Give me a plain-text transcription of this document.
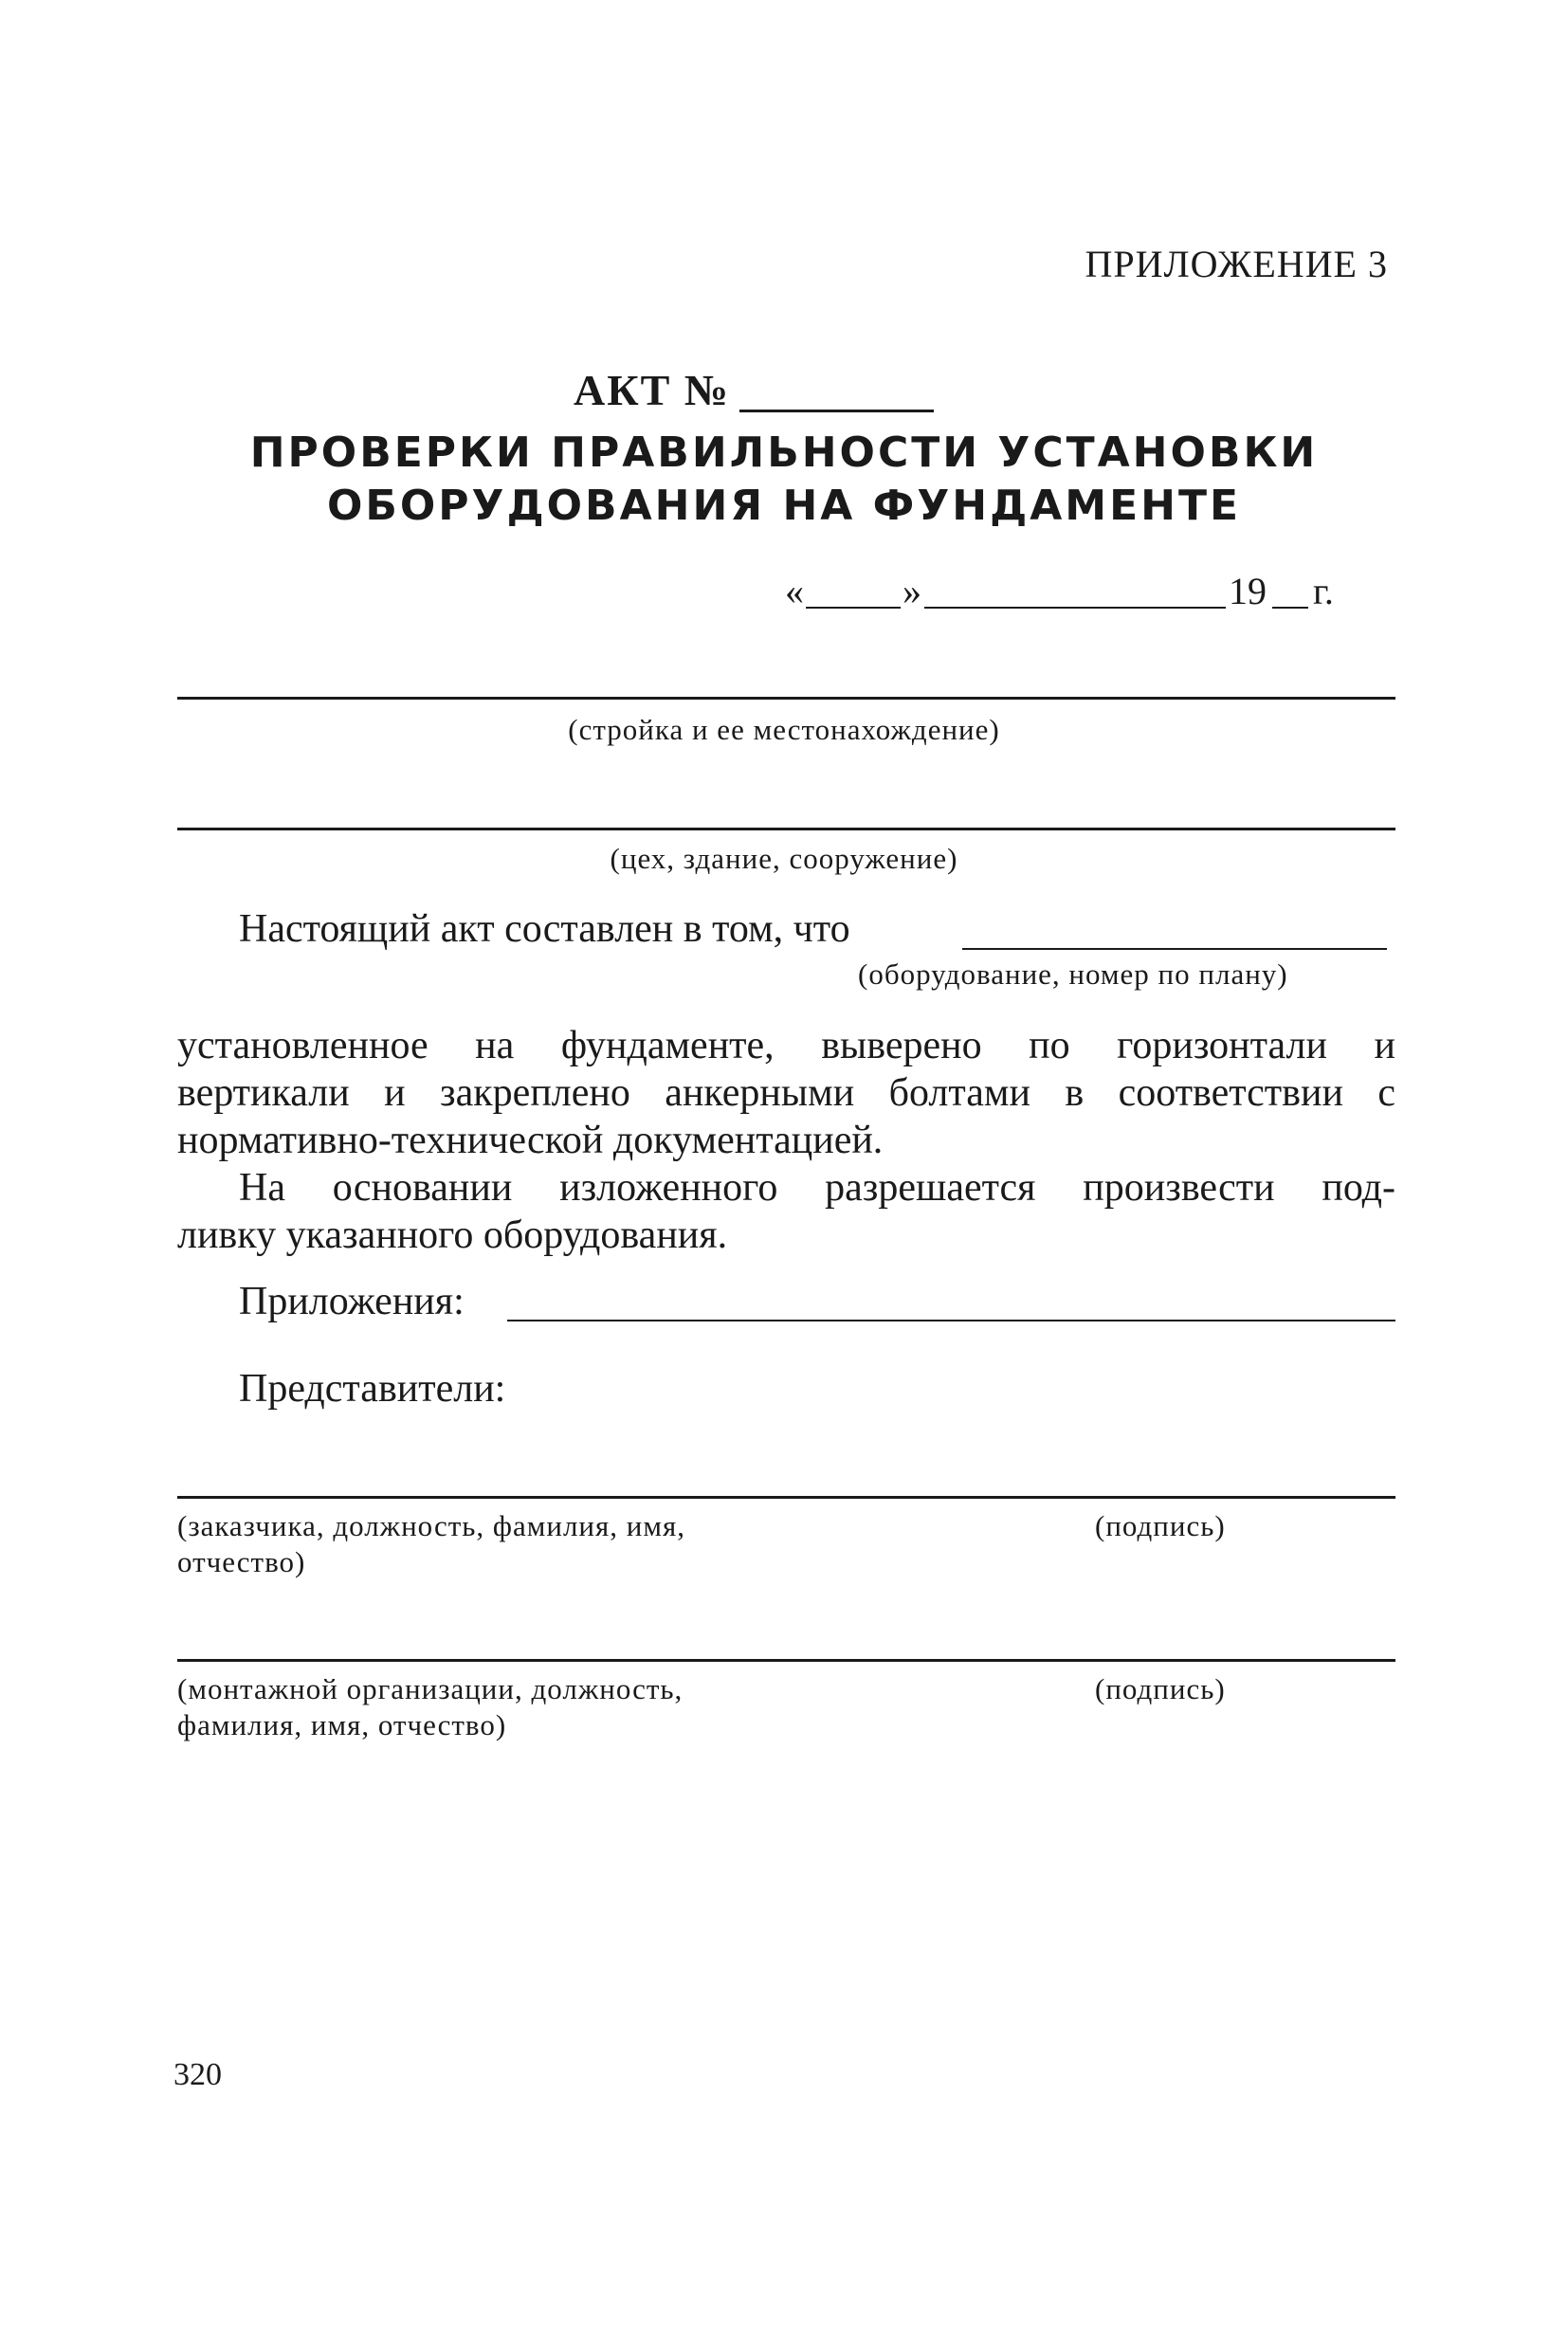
ПРИЛОЖЕНИЕ 3
АКТ №
ПРОВЕРКИ ПРАВИЛЬНОСТИ УСТАНОВКИ
ОБОРУДОВАНИЯ НА ФУНДАМЕНТЕ
«	»	19 г.
(стройка и ее местонахождение)
(цех, здание, сооружение)
Настоящий акт составлен в том, что
(оборудование, номер по плану)
установленное на фундаменте, выверено по горизонтали и
вертикали и закреплено анкерными болтами в соответствии с
нормативно-технической документацией.
На основании изложенного разрешается произвести под-
ливку указанного оборудования.
Приложения:
Представители:
(заказчика, должность, фамилия, имя,
отчество)
(подпись)
(монтажной организации, должность,
фамилия, имя, отчество)
(подпись)
320
